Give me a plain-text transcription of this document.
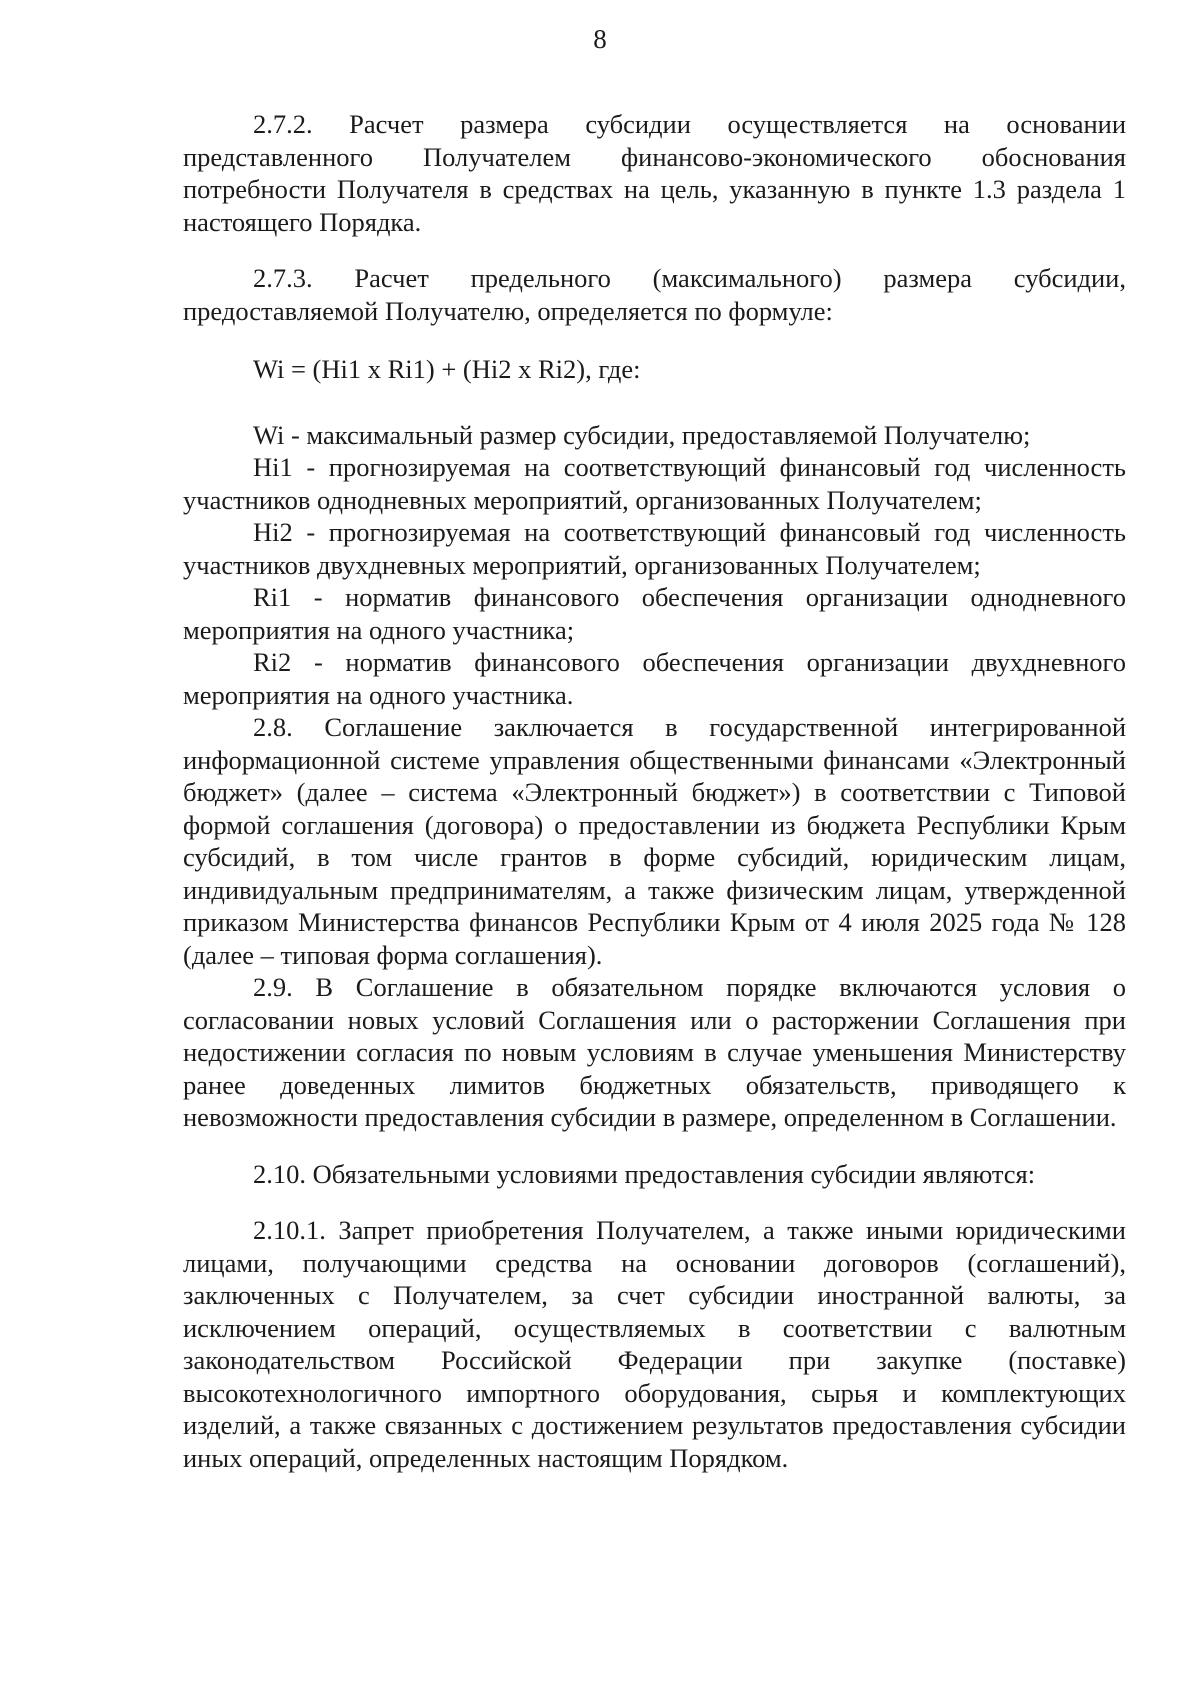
8

2.7.2. Расчет размера субсидии осуществляется на основании представленного Получателем финансово-экономического обоснования потребности Получателя в средствах на цель, указанную в пункте 1.3 раздела 1 настоящего Порядка.

2.7.3. Расчет предельного (максимального) размера субсидии, предоставляемой Получателю, определяется по формуле:

Wi = (Hi1 x Ri1) + (Hi2 x Ri2), где:

Wi - максимальный размер субсидии, предоставляемой Получателю;

Hi1 - прогнозируемая на соответствующий финансовый год численность участников однодневных мероприятий, организованных Получателем;

Hi2 - прогнозируемая на соответствующий финансовый год численность участников двухдневных мероприятий, организованных Получателем;

Ri1 - норматив финансового обеспечения организации однодневного мероприятия на одного участника;

Ri2 - норматив финансового обеспечения организации двухдневного мероприятия на одного участника.

2.8. Соглашение заключается в государственной интегрированной информационной системе управления общественными финансами «Электронный бюджет» (далее – система «Электронный бюджет») в соответствии с Типовой формой соглашения (договора) о предоставлении из бюджета Республики Крым субсидий, в том числе грантов в форме субсидий, юридическим лицам, индивидуальным предпринимателям, а также физическим лицам, утвержденной приказом Министерства финансов Республики Крым от 4 июля 2025 года № 128 (далее – типовая форма соглашения).

2.9. В Соглашение в обязательном порядке включаются условия о согласовании новых условий Соглашения или о расторжении Соглашения при недостижении согласия по новым условиям в случае уменьшения Министерству ранее доведенных лимитов бюджетных обязательств, приводящего к невозможности предоставления субсидии в размере, определенном в Соглашении.

2.10. Обязательными условиями предоставления субсидии являются:

2.10.1. Запрет приобретения Получателем, а также иными юридическими лицами, получающими средства на основании договоров (соглашений), заключенных с Получателем, за счет субсидии иностранной валюты, за исключением операций, осуществляемых в соответствии с валютным законодательством Российской Федерации при закупке (поставке) высокотехнологичного импортного оборудования, сырья и комплектующих изделий, а также связанных с достижением результатов предоставления субсидии иных операций, определенных настоящим Порядком.
